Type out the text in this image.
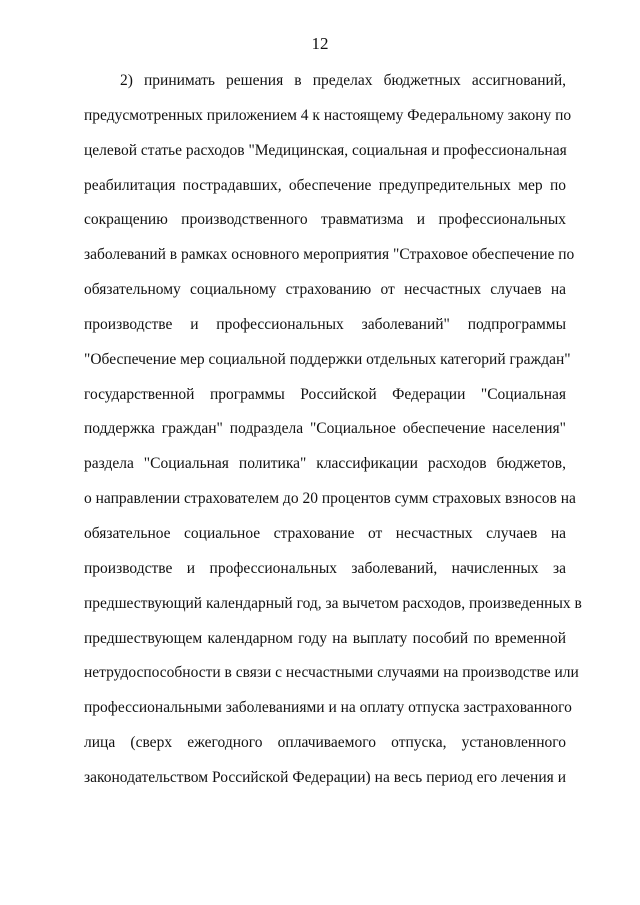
12
2) принимать решения в пределах бюджетных ассигнований,
предусмотренных приложением 4 к настоящему Федеральному закону по
целевой статье расходов "Медицинская, социальная и профессиональная
реабилитация пострадавших, обеспечение предупредительных мер по
сокращению производственного травматизма и профессиональных
заболеваний в рамках основного мероприятия "Страховое обеспечение по
обязательному социальному страхованию от несчастных случаев на
производстве и профессиональных заболеваний" подпрограммы
"Обеспечение мер социальной поддержки отдельных категорий граждан"
государственной программы Российской Федерации "Социальная
поддержка граждан" подраздела "Социальное обеспечение населения"
раздела "Социальная политика" классификации расходов бюджетов,
о направлении страхователем до 20 процентов сумм страховых взносов на
обязательное социальное страхование от несчастных случаев на
производстве и профессиональных заболеваний, начисленных за
предшествующий календарный год, за вычетом расходов, произведенных в
предшествующем календарном году на выплату пособий по временной
нетрудоспособности в связи с несчастными случаями на производстве или
профессиональными заболеваниями и на оплату отпуска застрахованного
лица (сверх ежегодного оплачиваемого отпуска, установленного
законодательством Российской Федерации) на весь период его лечения и
